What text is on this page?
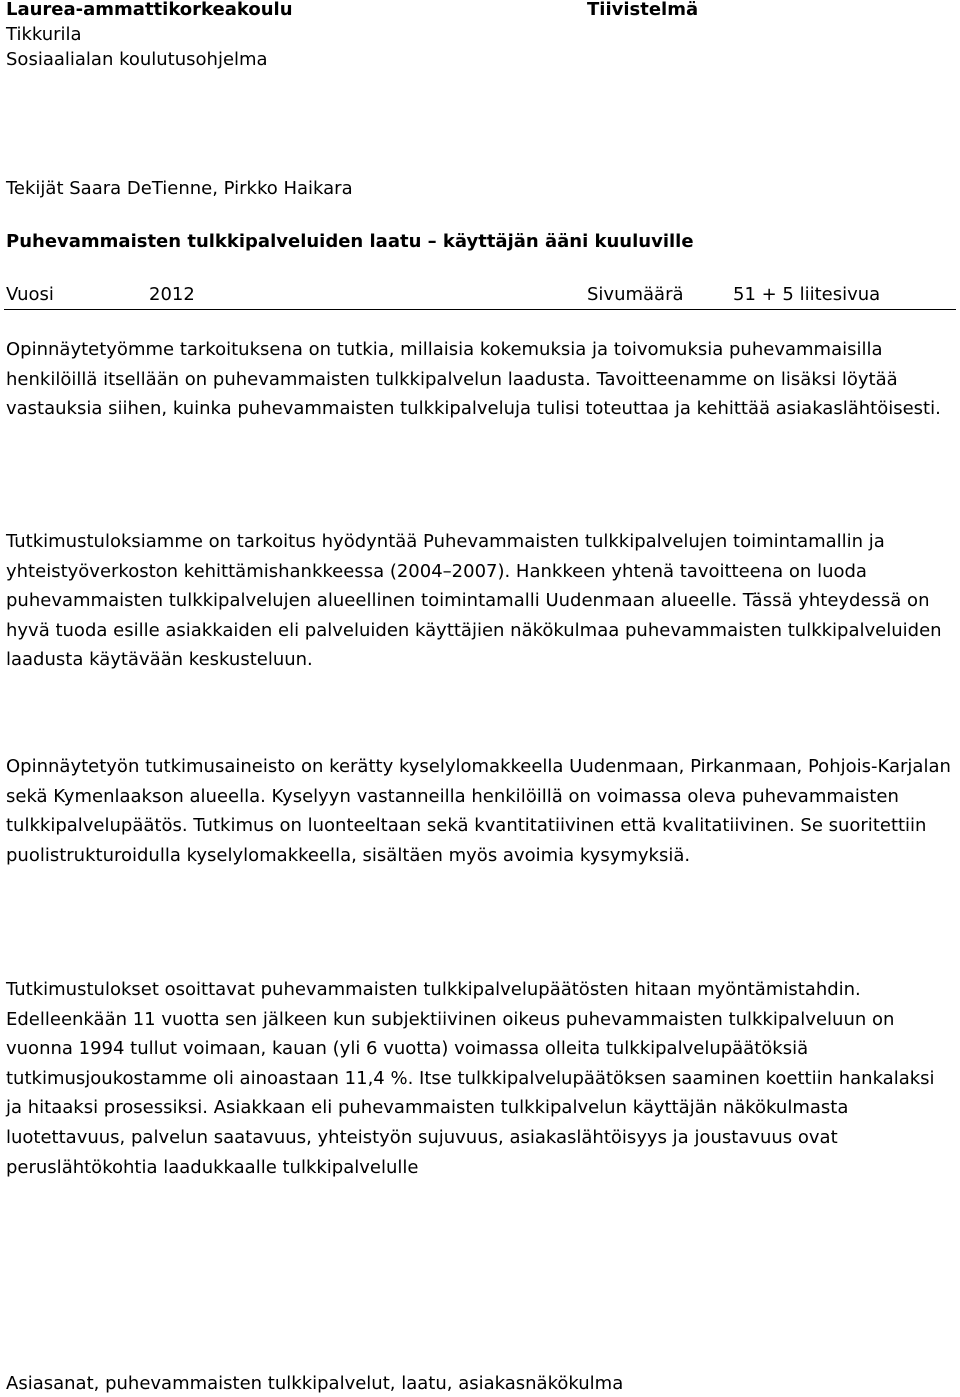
Laurea-ammattikorkeakoulu
Tikkurila
Sosiaalialan koulutusohjelma
Tiivistelmä
Tekijät Saara DeTienne, Pirkko Haikara
Puhevammaisten tulkkipalveluiden laatu – käyttäjän ääni kuuluville
Vuosi	2012	Sivumäärä	51 + 5 liitesivua

Opinnäytetyömme tarkoituksena on tutkia, millaisia kokemuksia ja toivomuksia puhevammaisilla henkilöillä itsellään on puhevammaisten tulkkipalvelun laadusta. Tavoitteenamme on lisäksi löytää vastauksia siihen, kuinka puhevammaisten tulkkipalveluja tulisi toteuttaa ja kehittää asiakaslähtöisesti.

Tutkimustuloksiamme on tarkoitus hyödyntää Puhevammaisten tulkkipalvelujen toimintamallin ja yhteistyöverkoston kehittämishankkeessa (2004–2007). Hankkeen yhtenä tavoitteena on luoda puhevammaisten tulkkipalvelujen alueellinen toimintamalli Uudenmaan alueelle. Tässä yhteydessä on hyvä tuoda esille asiakkaiden eli palveluiden käyttäjien näkökulmaa puhevammaisten tulkkipalveluiden laadusta käytävään keskusteluun.

Opinnäytetyön tutkimusaineisto on kerätty kyselylomakkeella Uudenmaan, Pirkanmaan, Pohjois-Karjalan sekä Kymenlaakson alueella. Kyselyyn vastanneilla henkilöillä on voimassa oleva puhevammaisten tulkkipalvelupäätös. Tutkimus on luonteeltaan sekä kvantitatiivinen että kvalitatiivinen. Se suoritettiin puolistrukturoidulla kyselylomakkeella, sisältäen myös avoimia kysymyksiä.

Tutkimustulokset osoittavat puhevammaisten tulkkipalvelupäätösten hitaan myöntämistahdin. Edelleenkään 11 vuotta sen jälkeen kun subjektiivinen oikeus puhevammaisten tulkkipalveluun on vuonna 1994 tullut voimaan, kauan (yli 6 vuotta) voimassa olleita tulkkipalvelupäätöksiä tutkimusjoukostamme oli ainoastaan 11,4 %. Itse tulkkipalvelupäätöksen saaminen koettiin hankalaksi ja hitaaksi prosessiksi. Asiakkaan eli puhevammaisten tulkkipalvelun käyttäjän näkökulmasta luotettavuus, palvelun saatavuus, yhteistyön sujuvuus, asiakaslähtöisyys ja joustavuus ovat peruslähtökohtia laadukkaalle tulkkipalvelulle

Asiasanat, puhevammaisten tulkkipalvelut, laatu, asiakasnäkökulma
